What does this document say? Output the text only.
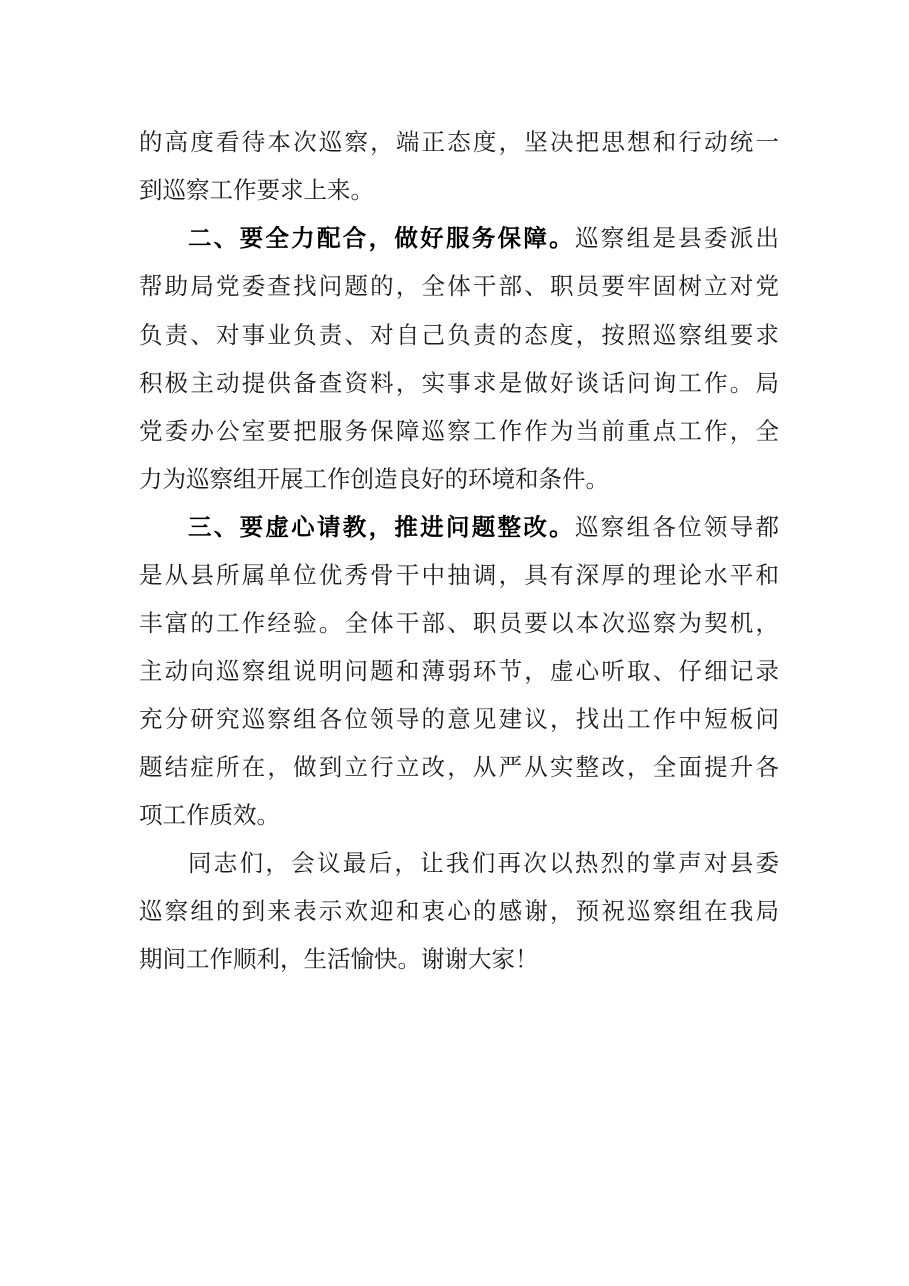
的高度看待本次巡察，端正态度，坚决把思想和行动统一
到巡察工作要求上来。
二、要全力配合，做好服务保障。巡察组是县委派出
帮助局党委查找问题的，全体干部、职员要牢固树立对党
负责、对事业负责、对自己负责的态度，按照巡察组要求
积极主动提供备查资料，实事求是做好谈话问询工作。局
党委办公室要把服务保障巡察工作作为当前重点工作，全
力为巡察组开展工作创造良好的环境和条件。
三、要虚心请教，推进问题整改。巡察组各位领导都
是从县所属单位优秀骨干中抽调，具有深厚的理论水平和
丰富的工作经验。全体干部、职员要以本次巡察为契机，
主动向巡察组说明问题和薄弱环节，虚心听取、仔细记录
充分研究巡察组各位领导的意见建议，找出工作中短板问
题结症所在，做到立行立改，从严从实整改，全面提升各
项工作质效。
同志们，会议最后，让我们再次以热烈的掌声对县委
巡察组的到来表示欢迎和衷心的感谢，预祝巡察组在我局
期间工作顺利，生活愉快。谢谢大家！
